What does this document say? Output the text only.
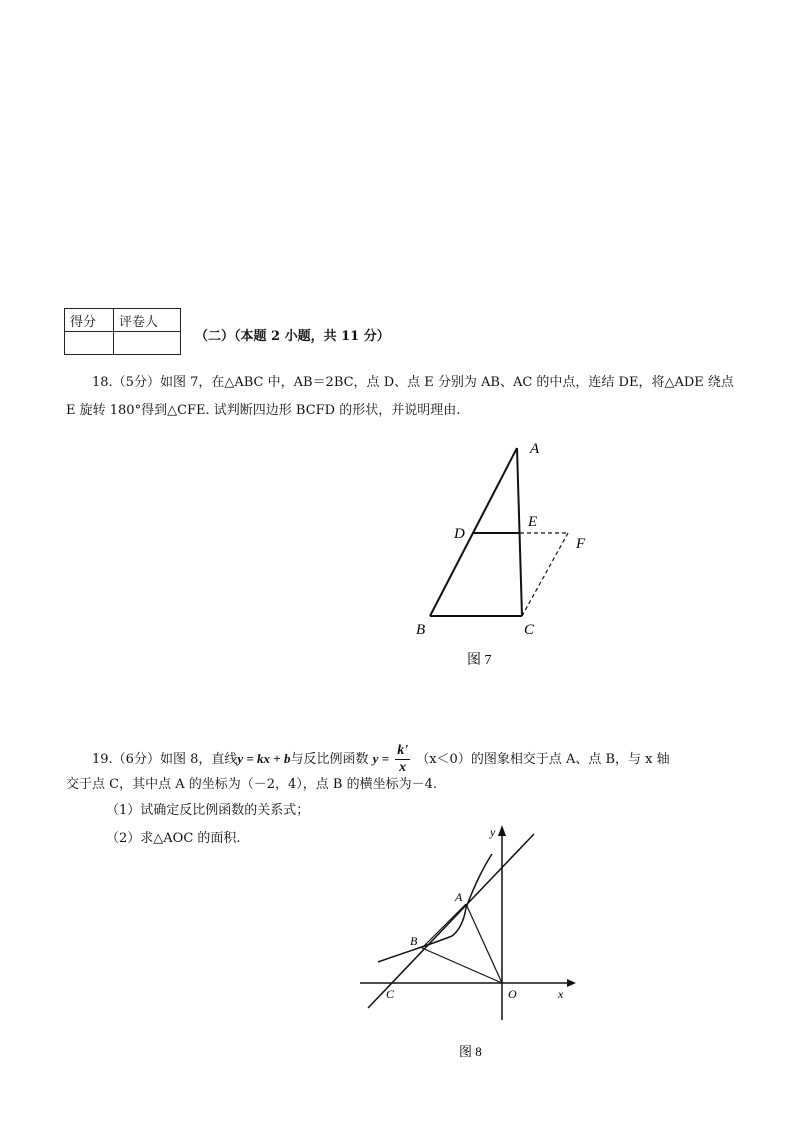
得分	评卷人

（二）（本题 2 小题，共 11 分）
18.（5分）如图 7，在△ABC 中，AB＝2BC，点 D、点 E 分别为 AB、AC 的中点，连结 DE，将△ADE 绕点
E 旋转 180°得到△CFE. 试判断四边形 BCFD 的形状，并说明理由.
A
D
E
F
B	C
图 7
19.（6分）如图 8，直线y = kx + b与反比例函数 $y = \frac{k'}{x} (x<0)$的图象相交于点 A、点 B，与 x 轴
交于点 C，其中点 A 的坐标为（－2，4），点 B 的横坐标为－4.
（1）试确定反比例函数的关系式；
（2）求△AOC 的面积.	y
x
A
B
C	O
图 8
